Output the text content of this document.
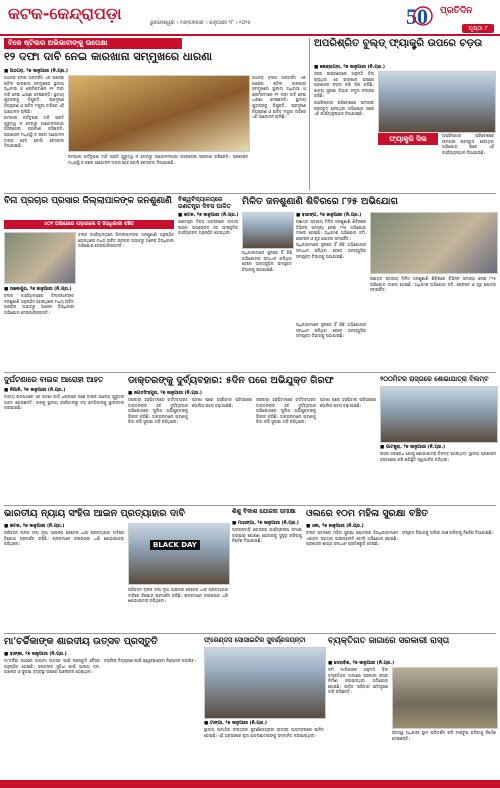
କଟକ-କେନ୍ଦ୍ରାପଡ଼ା	ଭୁବନେଶ୍ୱର । ମଙ୍ଗଳବାର । ଜାନୁଆରୀ ୨୮ । ୨୦୨୫	50 ପ୍ରତିଦିନ
ପୃଷ୍ଠା ୯
ବିକେ ଷ୍ଟିଲର ଅଭିଭାବୀଙ୍କୁ ଉପେକ୍ଷା
୧୨ ଦଫା ଦାବି ନେଇ କାରଖାନା ସମ୍ମୁଖରେ ଧାରଣା
■ ଅଠଗଡ଼, ୨୭ ଜାନୁଆରୀ (ନି.ପ୍ର.)

ଅଠଗଡ଼ ବ୍ଲକ ଅନ୍ତର୍ଗତ ଏକ ଘରୋଇ ଷ୍ଟିଲ କାରଖାନା ସମ୍ମୁଖରେ ସ୍ଥାନୀୟ ଅଧିବାସୀ ଓ ଶ୍ରମିକମାନେ ୧୨ ଦଫା ଦାବି ନେଇ ଧାରଣା ଦେଇଛନ୍ତି। ସ୍ଥାନୀୟ ଯୁବକଙ୍କୁ ନିଯୁକ୍ତି, ପ୍ରଦୂଷଣ ନିୟନ୍ତ୍ରଣ ଓ ଉଚିତ ମଜୁରୀ ଦାବିରେ ଏହି ଆନ୍ଦୋଳନ ଚାଲିଛି।

କମ୍ପାନୀ କର୍ତ୍ତୃପକ୍ଷ ଦାବି ପ୍ରତି ଗୁରୁତ୍ୱ ନ ଦେବାରୁ ଆନ୍ଦୋଳନକାରୀ ଅସନ୍ତୋଷ ପ୍ରକାଶ କରିଛନ୍ତି। ପ୍ରଶାସନ ମଧ୍ୟସ୍ଥି ନ କଲେ ଆନ୍ଦୋଳନ ତୀବ୍ର ହେବ ବୋଲି ଚେତାବନୀ ଦିଆଯାଇଛି।

କମ୍ପାନୀ କର୍ତ୍ତୃପକ୍ଷ ଦାବି ପ୍ରତି ଗୁରୁତ୍ୱ ନ ଦେବାରୁ ଆନ୍ଦୋଳନକାରୀ ଅସନ୍ତୋଷ ପ୍ରକାଶ କରିଛନ୍ତି। ପ୍ରଶାସନ ମଧ୍ୟସ୍ଥି ନ କଲେ ଆନ୍ଦୋଳନ ତୀବ୍ର ହେବ ବୋଲି ଚେତାବନୀ ଦିଆଯାଇଛି।

ଅଠଗଡ଼ ବ୍ଲକ ଅନ୍ତର୍ଗତ ଏକ ଘରୋଇ ଷ୍ଟିଲ କାରଖାନା ସମ୍ମୁଖରେ ସ୍ଥାନୀୟ ଅଧିବାସୀ ଓ ଶ୍ରମିକମାନେ ୧୨ ଦଫା ଦାବି ନେଇ ଧାରଣା ଦେଇଛନ୍ତି। ସ୍ଥାନୀୟ ଯୁବକଙ୍କୁ ନିଯୁକ୍ତି, ପ୍ରଦୂଷଣ ନିୟନ୍ତ୍ରଣ ଓ ଉଚିତ ମଜୁରୀ ଦାବିରେ ଏହି ଆନ୍ଦୋଳନ ଚାଲିଛି।

ଅପରିଶ୍ରିତ ବୁଲ୍ଡ୍ ଫ୍ୟାକ୍ଟ୍ରି ଉପରେ ଚଡ଼ଉ
■ କେନ୍ଦ୍ରାପଡ଼ା, ୨୭ ଜାନୁଆରୀ (ନି.ପ୍ର.)

ସହର ଉପକଣ୍ଠରେ ଅନୁମତି ବିନା ଚାଲୁଥିବା ଏକ କାରଖାନା ଉପରେ ପ୍ରଶାସନ ଚଡ଼ଉ କରି ସିଲ କରିଛି। ଖାଦ୍ୟ ସୁରକ୍ଷା ବିଭାଗ ନମୁନା ସଂଗ୍ରହ କରିଛି।

ଅପରିଷ୍କାର ପରିବେଶରେ ସାମଗ୍ରୀ ପ୍ରସ୍ତୁତ ହେଉଥିବା ଅଭିଯୋଗ ପରେ ଏହି କାର୍ଯ୍ୟାନୁଷ୍ଠାନ ନିଆଯାଇଛି।

ଫ୍ୟାକ୍ଟ୍ରି ସିଲ	ଅପରିଷ୍କାର ପରିବେଶରେ ସାମଗ୍ରୀ ପ୍ରସ୍ତୁତ ହେଉଥିବା ଅଭିଯୋଗ ପରେ ଏହି କାର୍ଯ୍ୟାନୁଷ୍ଠାନ ନିଆଯାଇଛି।

ବିନା ପ୍ରଚାର ପ୍ରସାର ଜିଲ୍ଲାପାଳଙ୍କ ଜନଶୁଣାଣି
୪୦୧ ଅଭିଯୋଗ ପଡ଼ାଗଲେ ବି ହିତାଧିକାରୀ ବଞ୍ଚିତ
■ ସାଲେପୁର, ୨୭ ଜାନୁଆରୀ (ନି.ପ୍ର.)

ବ୍ଲକ କାର୍ଯ୍ୟାଳୟରେ ଜିଲ୍ଲାପାଳଙ୍କ ଜନଶୁଣାଣି ଅନୁଷ୍ଠିତ ହୋଇଥିଲେ ମଧ୍ୟ ଉଚିତ ପ୍ରଚାର ଅଭାବରୁ ଅନେକ ହିତାଧିକାରୀ ଅଭିଯୋଗ ଦେଇପାରିନାହାନ୍ତି।

ବ୍ଲକ କାର୍ଯ୍ୟାଳୟରେ ଜିଲ୍ଲାପାଳଙ୍କ ଜନଶୁଣାଣି ଅନୁଷ୍ଠିତ ହୋଇଥିଲେ ମଧ୍ୟ ଉଚିତ ପ୍ରଚାର ଅଭାବରୁ ଅନେକ ହିତାଧିକାରୀ ଅଭିଯୋଗ ଦେଇପାରିନାହାନ୍ତି।

ବିଶ୍ୱବିଦ୍ୟାଳୟରେ ଗଣତନ୍ତ୍ର ଦିବସ ପାଳିତ
■ କଟକ, ୨୭ ଜାନୁଆରୀ (ନି.ପ୍ର.)

ଗଣତନ୍ତ୍ର ଦିବସ ଅବସରରେ ଜାତୀୟ ପତାକା ଉତ୍ତୋଳନ ସହ ସାଂସ୍କୃତିକ କାର୍ଯ୍ୟକ୍ରମ ଅନୁଷ୍ଠିତ ହୋଇଥିଲା।

ମିଳିତ ଜନଶୁଣାଣି ଶିବିରରେ ୮୨୫ ଅଭିଯୋଗ
■ ବାରଙ୍ଗ, ୨୭ ଜାନୁଆରୀ (ନି.ପ୍ର.)

ପଞ୍ଚାୟତ ସ୍ତରୀୟ ମିଳିତ ଜନଶୁଣାଣି ଶିବିରରେ ବିଭିନ୍ନ ସମସ୍ୟା ନେଇ ୮୨୫ ଅଭିଯୋଗ ଦାଖଲ ହୋଇଛି। ଅଧିକାଂଶ ଅଭିଯୋଗ ଜମି, ପେନସନ ଓ ଗୃହ ଯୋଜନା ସମ୍ପର୍କିତ।

ଅଧିକାରୀମାନେ ସ୍ଥଳରେ ହିଁ କିଛି ଅଭିଯୋଗର ସମାଧାନ କରିଥିବା ବେଳେ ଅନ୍ୟଗୁଡ଼ିକ ସମ୍ପୃକ୍ତ ବିଭାଗକୁ ପଠାଯାଇଛି।

ଅଧିକାରୀମାନେ ସ୍ଥଳରେ ହିଁ କିଛି ଅଭିଯୋଗର ସମାଧାନ କରିଥିବା ବେଳେ ଅନ୍ୟଗୁଡ଼ିକ ସମ୍ପୃକ୍ତ ବିଭାଗକୁ ପଠାଯାଇଛି।

ଅଧିକାରୀମାନେ ସ୍ଥଳରେ ହିଁ କିଛି ଅଭିଯୋଗର ସମାଧାନ କରିଥିବା ବେଳେ ଅନ୍ୟଗୁଡ଼ିକ ସମ୍ପୃକ୍ତ ବିଭାଗକୁ ପଠାଯାଇଛି।

ପଞ୍ଚାୟତ ସ୍ତରୀୟ ମିଳିତ ଜନଶୁଣାଣି ଶିବିରରେ ବିଭିନ୍ନ ସମସ୍ୟା ନେଇ ୮୨୫ ଅଭିଯୋଗ ଦାଖଲ ହୋଇଛି। ଅଧିକାଂଶ ଅଭିଯୋଗ ଜମି, ପେନସନ ଓ ଗୃହ ଯୋଜନା ସମ୍ପର୍କିତ।

ଦୁର୍ଘଟଣାରେ ବାଇକ ଆରୋହୀ ଆହତ
■ ନିଆଳି, ୨୭ ଜାନୁଆରୀ (ନି.ପ୍ର.)

ଜାତୀୟ ରାଜପଥରେ ଏକ ଅଜଣା ଗାଡ଼ି ଧକ୍କାରେ ଜଣେ ବାଇକ ଆରୋହୀ ଗୁରୁତର ଆହତ ହୋଇଛନ୍ତି। ତାଙ୍କୁ ସ୍ଥାନୀୟ ହସ୍ପିଟାଲରୁ ବଡ଼ ମେଡିକାଲକୁ ସ୍ଥାନାନ୍ତର କରାଯାଇଛି।

ଡାକ୍ତରଙ୍କୁ ଦୁର୍ବ୍ୟବହାର: ୫ଦିନ ପରେ ଅଭିଯୁକ୍ତ ଗିରଫ
■ ଜଗତସିଂହପୁର, ୨୭ ଜାନୁଆରୀ (ନି.ପ୍ର.)

ସରକାରୀ ହସ୍ପିଟାଲରେ କର୍ତ୍ତବ୍ୟରତ ଡାକ୍ତରଙ୍କ ସହ ଦୁର୍ବ୍ୟବହାର ଅଭିଯୋଗରେ ପୁଲିସ ଅଭିଯୁକ୍ତଙ୍କୁ ଗିରଫ କରିଛି। ଡାକ୍ତରମାନେ ଘଟଣାକୁ ନିନ୍ଦା କରି ସୁରକ୍ଷା ଦାବି କରିଥିଲେ।

ଘଟଣା ପରେ ହସ୍ପିଟାଲ ପରିସରରେ ପୋଲିସ ପହରା ବଢ଼ାଯାଇଛି।

ସରକାରୀ ହସ୍ପିଟାଲରେ କର୍ତ୍ତବ୍ୟରତ ଡାକ୍ତରଙ୍କ ସହ ଦୁର୍ବ୍ୟବହାର ଅଭିଯୋଗରେ ପୁଲିସ ଅଭିଯୁକ୍ତଙ୍କୁ ଗିରଫ କରିଛି। ଡାକ୍ତରମାନେ ଘଟଣାକୁ ନିନ୍ଦା କରି ସୁରକ୍ଷା ଦାବି କରିଥିଲେ।

ଘଟଣା ପରେ ହସ୍ପିଟାଲ ପରିସରରେ ପୋଲିସ ପହରା ବଢ଼ାଯାଇଛି।

୨୦୦ମିଟର ରାସ୍ତାରେ ଶୋଭାଯାତ୍ରା ବିଲମ୍ବ
■ ପାଟକୁରା, ୨୭ ଜାନୁଆରୀ (ନି.ପ୍ର.)

ରାସ୍ତା ଅବରୋଧ ଯୋଗୁ ଶୋଭାଯାତ୍ରା ବିଳମ୍ବ ହୋଇଥିଲା। ସ୍ଥାନୀୟ ପ୍ରଶାସନ ହସ୍ତକ୍ଷେପ କରି ପରିସ୍ଥିତି ସ୍ୱାଭାବିକ କରିଥିଲା।

ଭାରତୀୟ ନ୍ୟାୟ ସଂହିତା ଆଇନ ପ୍ରତ୍ୟାହାର ଦାବି
■ କଟକ, ୨୭ ଜାନୁଆରୀ (ନି.ପ୍ର.)

ପରିବହନ ଚାଳକ ସଂଘ ନୂଆ ଆଇନର କେତେକ ଧାରା ପ୍ରତ୍ୟାହାର ଦାବିରେ ବିକ୍ଷୋଭ ପ୍ରଦର୍ଶନ କରିଛି। ଚାଳକମାନେ କଳାପତାକା ଧରି ଶୋଭାଯାତ୍ରା କରିଥିଲେ।	BLACK DAY

ପରିବହନ ଚାଳକ ସଂଘ ନୂଆ ଆଇନର କେତେକ ଧାରା ପ୍ରତ୍ୟାହାର ଦାବିରେ ବିକ୍ଷୋଭ ପ୍ରଦର୍ଶନ କରିଛି। ଚାଳକମାନେ କଳାପତାକା ଧରି ଶୋଭାଯାତ୍ରା କରିଥିଲେ।

ଶିଶୁ ବିକାଶ ଯୋଜନା ସମୀକ୍ଷା
■ ମାହାଙ୍ଗା, ୨୭ ଜାନୁଆରୀ (ନି.ପ୍ର.)

ଅଙ୍ଗନବାଡ଼ି କେନ୍ଦ୍ରର କାର୍ଯ୍ୟକଳାପ ସମୀକ୍ଷା କରାଯାଇ ପୋଷଣ ଯୋଜନାକୁ ସୁଦୃଢ଼ କରିବାକୁ ନିର୍ଦ୍ଦେଶ ଦିଆଯାଇଛି।

ଓଲରେ ୧୦ମ ମହିଳା ସୁରକ୍ଷା ବଞ୍ଚିତ
■ ଓଲ, ୨୭ ଜାନୁଆରୀ (ନି.ପ୍ର.)

ବ୍ଲକ ସ୍ତରରେ ମହିଳା ସୁରକ୍ଷା ଯୋଜନାର ହିତାଧିକାରୀମାନେ ଏଯାବତ୍ ସହାୟତା ପାଇନାହାନ୍ତି ବୋଲି ଅଭିଯୋଗ ହୋଇଛି। ପ୍ରଶାସନ ଶୀଘ୍ର ସମାଧାନ ପ୍ରତିଶ୍ରୁତି ଦେଇଛି।

ସଂପୃକ୍ତ ବିଭାଗକୁ ତାଲିକା ଯାଞ୍ଚ କରିବାକୁ ନିର୍ଦ୍ଦେଶ ଦିଆଯାଇଛି।

ମା'ଚର୍ଚ୍ଚିକାଙ୍କ ଶାରଦୀୟ ଉତ୍ସବ ପ୍ରସ୍ତୁତି
■ ବାଙ୍କୀ, ୨୭ ଜାନୁଆରୀ (ନି.ପ୍ର.)

ମା'ଚର୍ଚ୍ଚିକା ପୀଠରେ ଆଗାମୀ ଉତ୍ସବ ପାଇଁ ପ୍ରସ୍ତୁତି ବୈଠକ ଅନୁଷ୍ଠିତ ହୋଇଛି। ଭକ୍ତଙ୍କ ସୁବିଧା ପାଇଁ ପାନୀୟ ଜଳ, ଆଲୋକ ଓ ସୁରକ୍ଷା ବ୍ୟବସ୍ଥା ଉପରେ ଆଲୋଚନା ହୋଇଥିଲା।

ଟ୍ରାଫିକ ନିୟନ୍ତ୍ରଣ ପାଇଁ ସ୍ୱେଚ୍ଛାସେବୀ ନିୟୋଜନ କରାଯିବ।

ଫ୍ରେଣ୍ଡସ ସୋସାଇଟିର ସୁବର୍ଣ୍ଣଜୟନ୍ତୀ
■ ଟାଙ୍ଗୀ, ୨୭ ଜାନୁଆରୀ (ନି.ପ୍ର.)

ସ୍ଥାନୀୟ ସାମାଜିକ ସଂଗଠନର ସୁବର୍ଣ୍ଣଜୟନ୍ତୀ ଉତ୍ସବ ଆଡ଼ମ୍ବରରେ ପାଳିତ ହୋଇଛି। ଏହି ଅବସରରେ କୃତୀ ଛାତ୍ରଛାତ୍ରୀଙ୍କୁ ସମ୍ମାନିତ କରାଯାଇଥିଲା।

ବ୍ୟକ୍ତିଗତ ଜାଗାରେ ସରକାରୀ ରାସ୍ତା
■ ଡେରାବିଶ, ୨୭ ଜାନୁଆରୀ (ନି.ପ୍ର.)

ଜମି ମାଲିକଙ୍କ ଅନୁମତି ବିନା ବ୍ୟକ୍ତିଗତ ଜାଗାରେ ସରକାରୀ ରାସ୍ତା ନିର୍ମାଣ କରାଯାଉଥିବା ଅଭିଯୋଗ ହୋଇଛି। ପୀଡ଼ିତ ପରିବାର କ୍ଷତିପୂରଣ ଦାବି କରିଛନ୍ତି।

ରାଜସ୍ୱ ଅଧିକାରୀ ସ୍ଥାନ ପରିଦର୍ଶନ କରି ମାପଚୁପ କରିବାକୁ ନିର୍ଦ୍ଦେଶ ଦେଇଛନ୍ତି।
